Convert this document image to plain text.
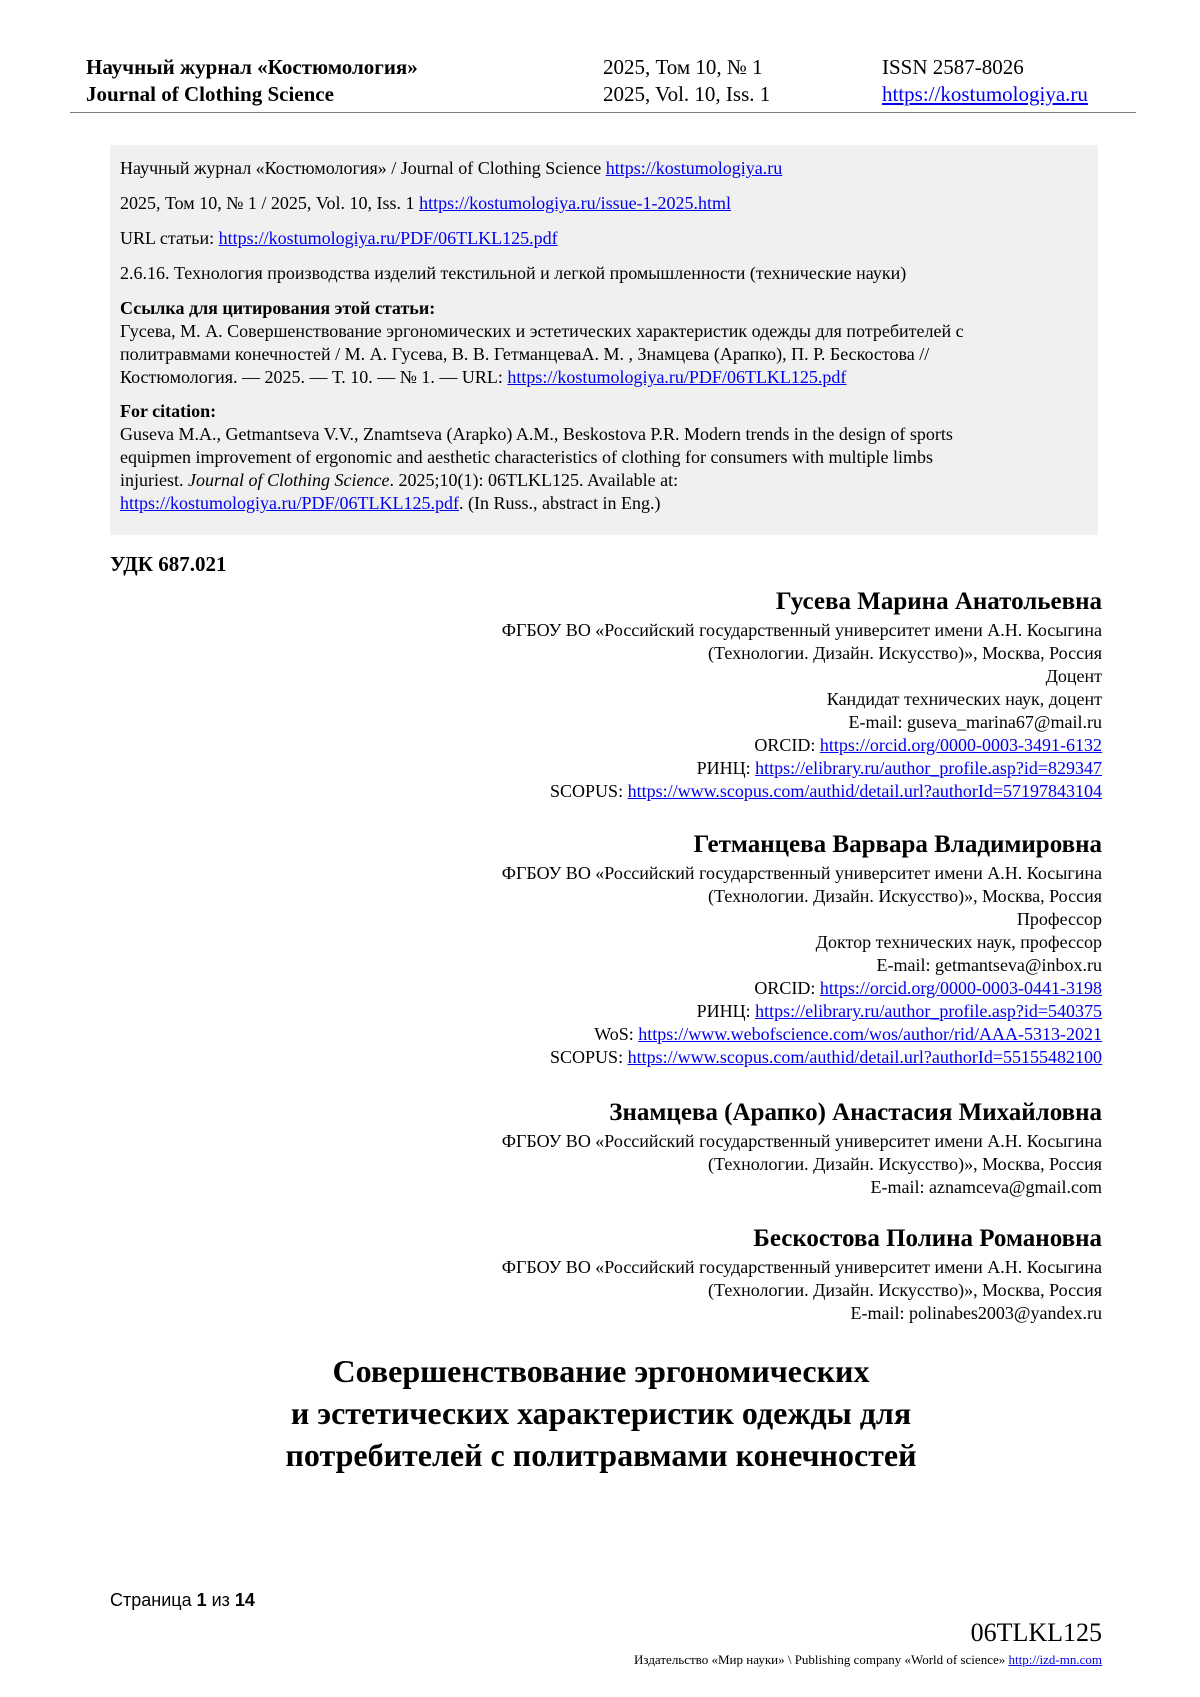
Научный журнал «Костюмология»
Journal of Clothing Science
2025, Том 10, № 1
2025, Vol. 10, Iss. 1
ISSN 2587-8026
https://kostumologiya.ru

Научный журнал «Костюмология» / Journal of Clothing Science https://kostumologiya.ru

2025, Том 10, № 1 / 2025, Vol. 10, Iss. 1 https://kostumologiya.ru/issue-1-2025.html

URL статьи: https://kostumologiya.ru/PDF/06TLKL125.pdf

2.6.16. Технология производства изделий текстильной и легкой промышленности (технические науки)

Ссылка для цитирования этой статьи:
Гусева, М. А. Совершенствование эргономических и эстетических характеристик одежды для потребителей с
политравмами конечностей / М. А. Гусева, В. В. ГетманцеваА. М. , Знамцева (Арапко), П. Р. Бескостова //
Костюмология. — 2025. — Т. 10. — № 1. — URL: https://kostumologiya.ru/PDF/06TLKL125.pdf
For citation:
Guseva M.A., Getmantseva V.V., Znamtseva (Arapko) A.M., Beskostova P.R. Modern trends in the design of sports
equipmen improvement of ergonomic and aesthetic characteristics of clothing for consumers with multiple limbs
injuriest. Journal of Clothing Science. 2025;10(1): 06TLKL125. Available at:
https://kostumologiya.ru/PDF/06TLKL125.pdf. (In Russ., abstract in Eng.)
УДК 687.021
Гусева Марина Анатольевна
ФГБОУ ВО «Российский государственный университет имени А.Н. Косыгина
(Технологии. Дизайн. Искусство)», Москва, Россия
Доцент
Кандидат технических наук, доцент
E-mail: guseva_marina67@mail.ru
ORCID: https://orcid.org/0000-0003-3491-6132
РИНЦ: https://elibrary.ru/author_profile.asp?id=829347
SCOPUS: https://www.scopus.com/authid/detail.url?authorId=57197843104
Гетманцева Варвара Владимировна
ФГБОУ ВО «Российский государственный университет имени А.Н. Косыгина
(Технологии. Дизайн. Искусство)», Москва, Россия
Профессор
Доктор технических наук, профессор
E-mail: getmantseva@inbox.ru
ORCID: https://orcid.org/0000-0003-0441-3198
РИНЦ: https://elibrary.ru/author_profile.asp?id=540375
WoS: https://www.webofscience.com/wos/author/rid/AAA-5313-2021
SCOPUS: https://www.scopus.com/authid/detail.url?authorId=55155482100
Знамцева (Арапко) Анастасия Михайловна
ФГБОУ ВО «Российский государственный университет имени А.Н. Косыгина
(Технологии. Дизайн. Искусство)», Москва, Россия
E-mail: aznamceva@gmail.com
Бескостова Полина Романовна
ФГБОУ ВО «Российский государственный университет имени А.Н. Косыгина
(Технологии. Дизайн. Искусство)», Москва, Россия
E-mail: polinabes2003@yandex.ru
Совершенствование эргономических
и эстетических характеристик одежды для
потребителей с политравмами конечностей
Страница 1 из 14
06TLKL125
Издательство «Мир науки» \ Publishing company «World of science» http://izd-mn.com
